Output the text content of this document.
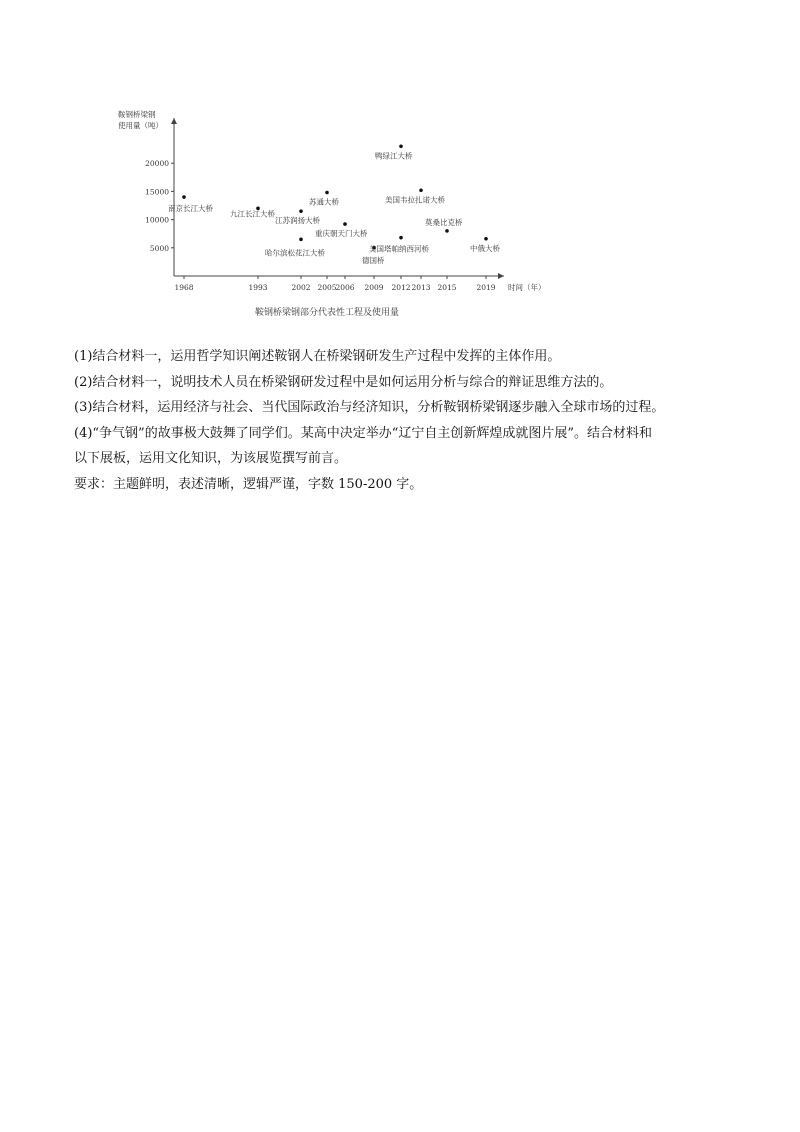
鞍钢桥梁钢
使用量（吨）
5000
10000
15000
20000
1968	1993	2002 2005
2006 2009 2012 2013 2015	2019 时间（年）
南京长江大桥
九江长江大桥
哈尔滨松花江大桥
江苏润扬大桥
苏通大桥
重庆朝天门大桥
德国桥
鸭绿江大桥
美国塔帕纳西河桥
美国韦拉扎诺大桥
莫桑比克桥
中俄大桥
鞍钢桥梁钢部分代表性工程及使用量

(1)结合材料一，运用哲学知识阐述鞍钢人在桥梁钢研发生产过程中发挥的主体作用。

(2)结合材料一，说明技术人员在桥梁钢研发过程中是如何运用分析与综合的辩证思维方法的。

(3)结合材料，运用经济与社会、当代国际政治与经济知识，分析鞍钢桥梁钢逐步融入全球市场的过程。

(4)“争气钢”的故事极大鼓舞了同学们。某高中决定举办“辽宁自主创新辉煌成就图片展”。结合材料和

以下展板，运用文化知识，为该展览撰写前言。

要求：主题鲜明，表述清晰，逻辑严谨，字数 150-200 字。
